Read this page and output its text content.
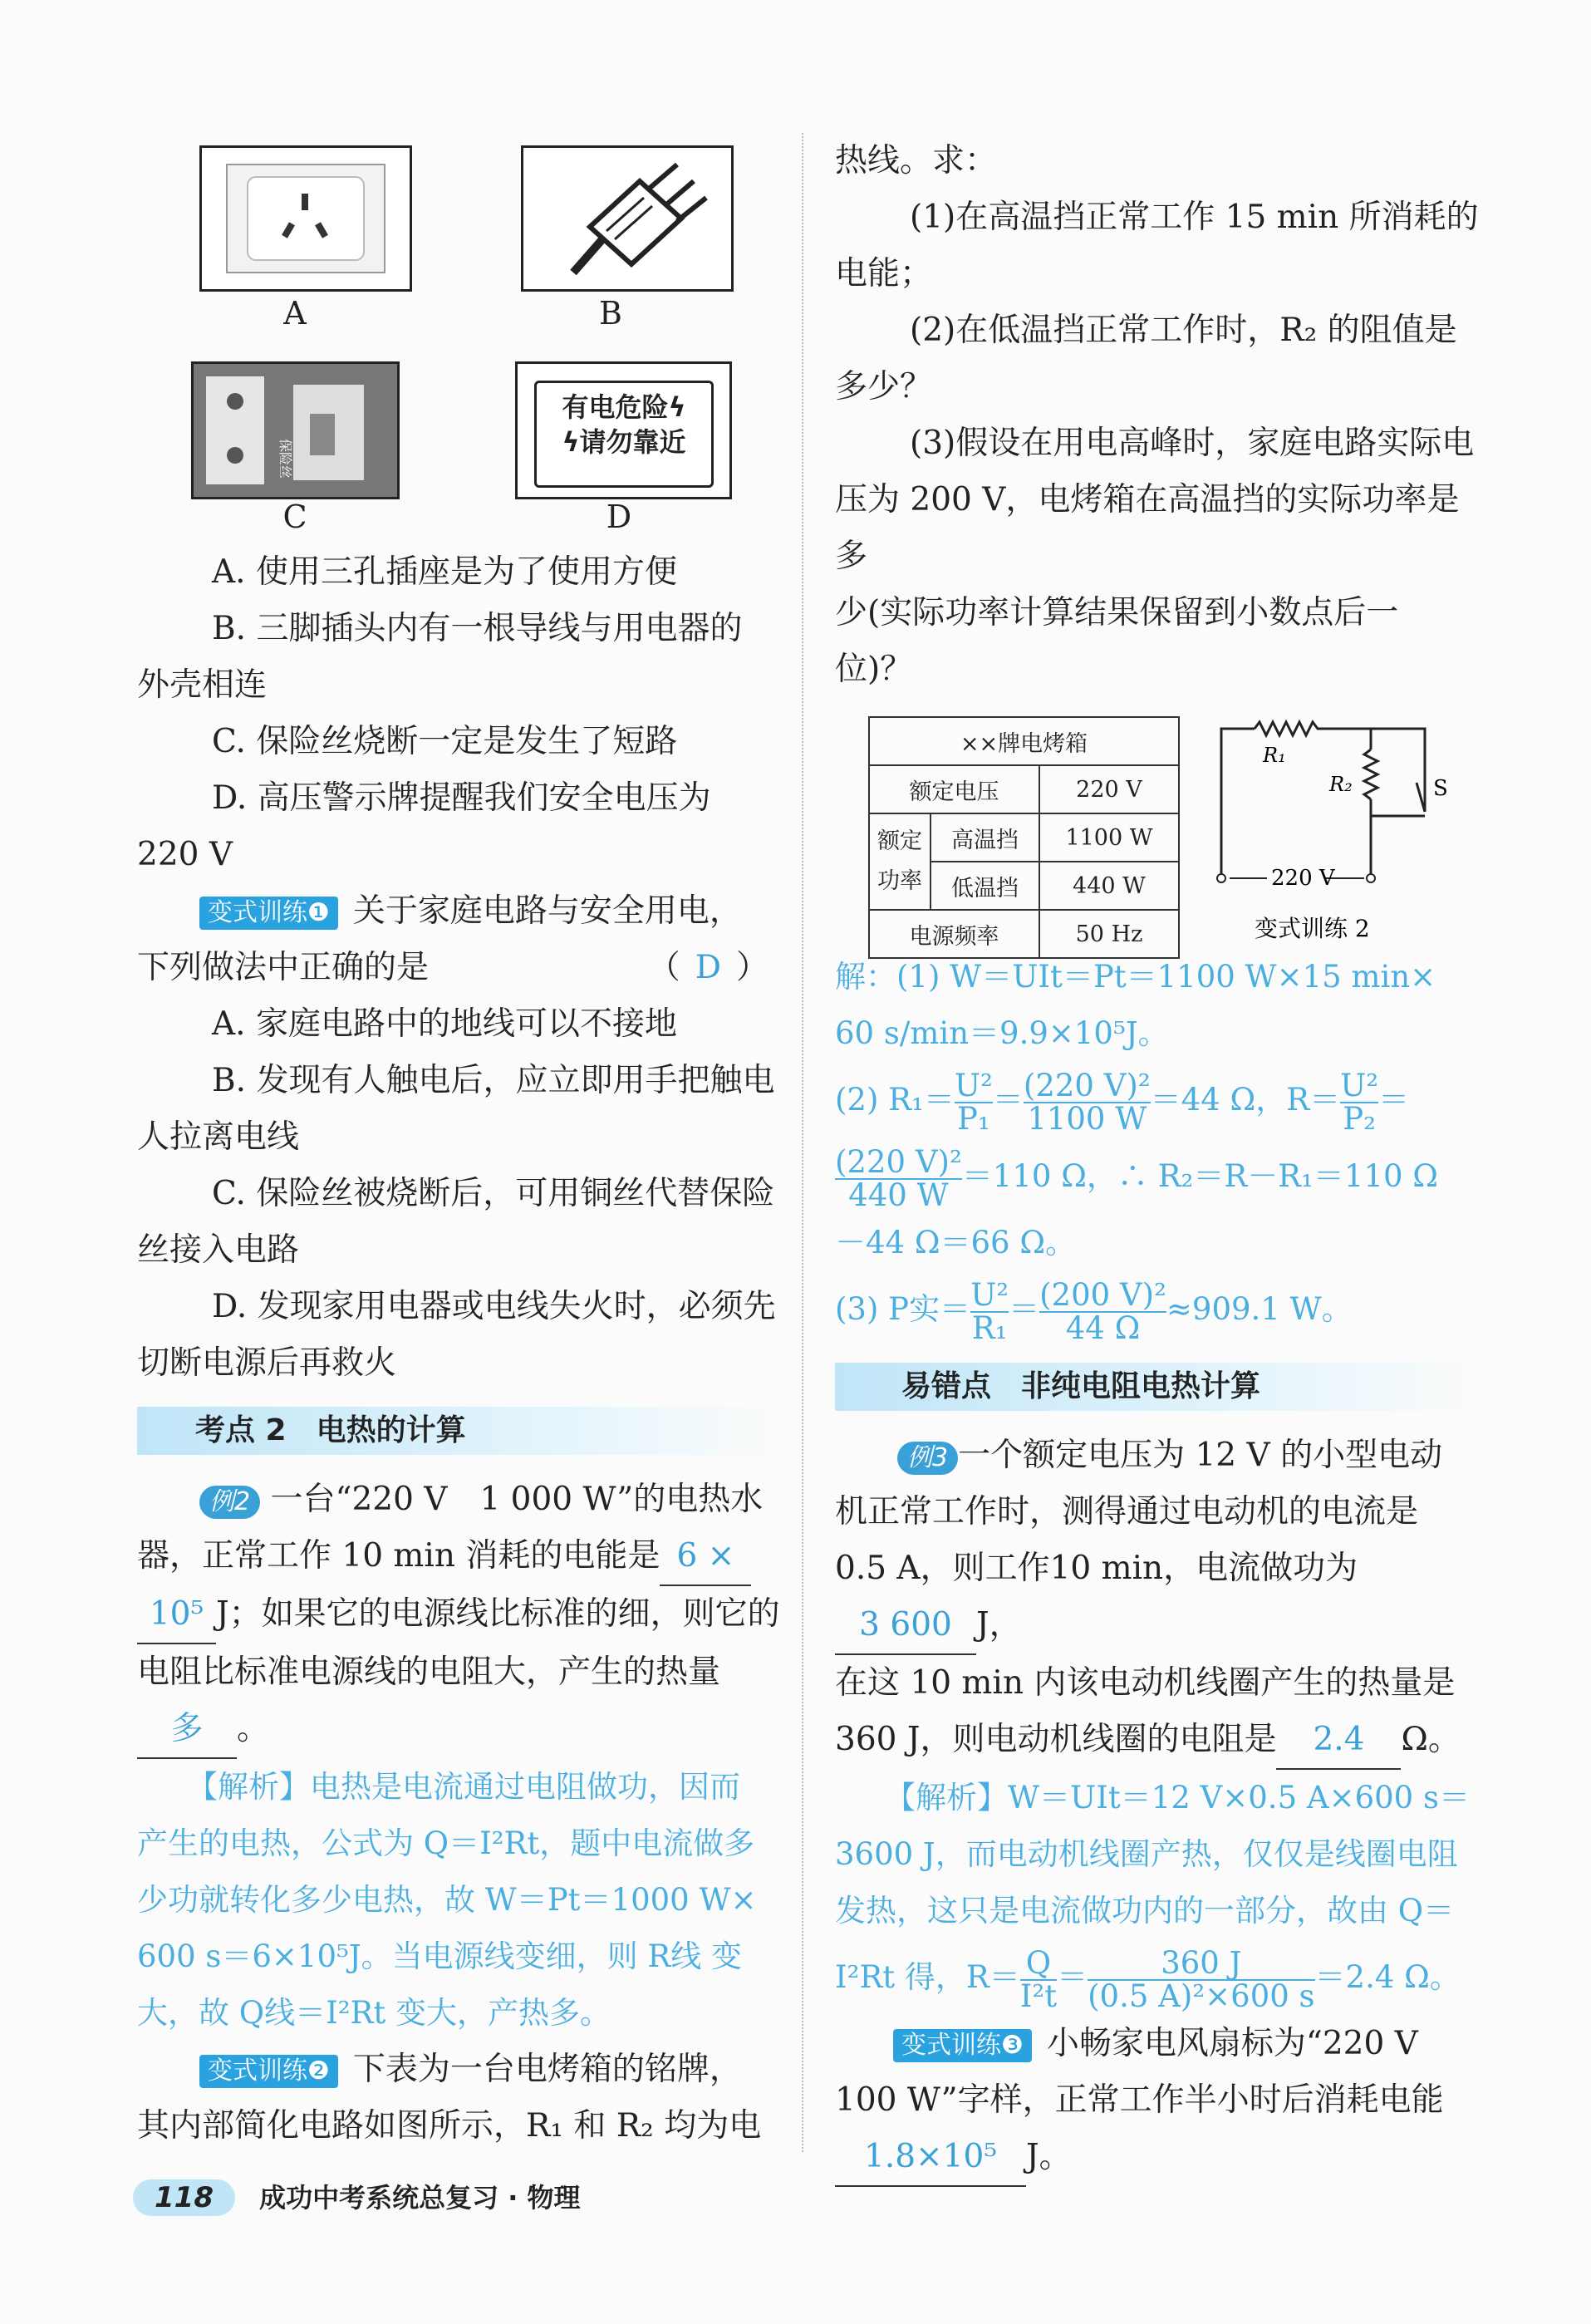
A	B
保险丝
C
有电危险ϟ
ϟ请勿靠近
D

A. 使用三孔插座是为了使用方便

B. 三脚插头内有一根导线与用电器的

外壳相连

C. 保险丝烧断一定是发生了短路

D. 高压警示牌提醒我们安全电压为

220 V

变式训练❶ 关于家庭电路与安全用电，

下列做法中正确的是	（ D ）

A. 家庭电路中的地线可以不接地

B. 发现有人触电后，应立即用手把触电

人拉离电线

C. 保险丝被烧断后，可用铜丝代替保险

丝接入电路

D. 发现家用电器或电线失火时，必须先

切断电源后再救火

考点 2　电热的计算

例2 一台“220 V　1 000 W”的电热水

器，正常工作 10 min 消耗的电能是 6 ×

10⁵ J；如果它的电源线比标准的细，则它的

电阻比标准电源线的电阻大，产生的热量

多 。

【解析】电热是电流通过电阻做功，因而

产生的电热，公式为 Q＝I²Rt，题中电流做多

少功就转化多少电热，故 W＝Pt＝1000 W×

600 s＝6×10⁵J。当电源线变细，则 R线 变

大，故 Q线＝I²Rt 变大，产热多。

变式训练❷ 下表为一台电烤箱的铭牌，

其内部简化电路如图所示，R₁ 和 R₂ 均为电

热线。求：

(1)在高温挡正常工作 15 min 所消耗的

电能；

(2)在低温挡正常工作时，R₂ 的阻值是

多少？

(3)假设在用电高峰时，家庭电路实际电

压为 200 V，电烤箱在高温挡的实际功率是多

少(实际功率计算结果保留到小数点后一

位)？

××牌电烤箱		
额定电压		220 V
额定
功率	高温挡	1100 W
	低温挡	440 W
电源频率		50 Hz
R₁
R₂	S
220 V
变式训练 2

解：(1) W＝UIt＝Pt＝1100 W×15 min×

60 s/min＝9.9×10⁵J。

(2) $R_1= \frac{\text{U²}}{\text{P₁}} = \frac{\text{(220 V)²}}{1100 W} =44$ Ω，$R= \frac{\text{U²}}{\text{P₂}}$ ＝

$\frac{\text{(220 V)²}}{440 W} =110$ Ω，∴ R₂＝R－R₁＝110 Ω

－44 Ω＝66 Ω。

(3) P实＝ $\frac{\text{U²}}{\text{R₁}} = \frac{\text{(200 V)²}}{44 \Omega} \approx 909.1$ W。

易错点　非纯电阻电热计算

例3 一个额定电压为 12 V 的小型电动

机正常工作时，测得通过电动机的电流是

0.5 A，则工作10 min，电流做功为3 600 J，

在这 10 min 内该电动机线圈产生的热量是

360 J，则电动机线圈的电阻是 2.4 Ω。

【解析】W＝UIt＝12 V×0.5 A×600 s＝

3600 J，而电动机线圈产热，仅仅是线圈电阻

发热，这只是电流做功内的一部分，故由 Q＝

I²Rt 得，$R= \frac{Q}{\text{I²t}} = \frac{360 J}{\text{(0.5 A)²×600 s}} =2.4$ Ω。

变式训练❸ 小畅家电风扇标为“220 V

100 W”字样，正常工作半小时后消耗电能

1.8×10⁵ J。

118 成功中考系统总复习 · 物理
